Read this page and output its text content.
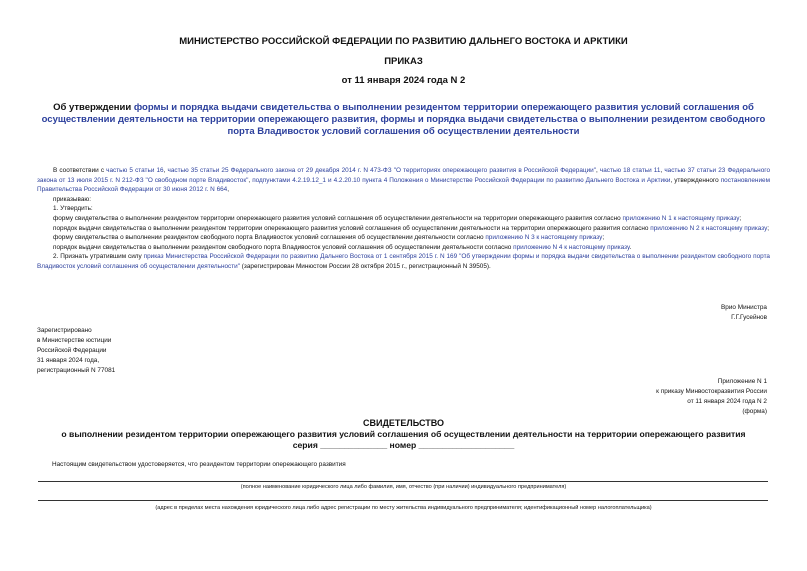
МИНИСТЕРСТВО РОССИЙСКОЙ ФЕДЕРАЦИИ ПО РАЗВИТИЮ ДАЛЬНЕГО ВОСТОКА И АРКТИКИ
ПРИКАЗ
от 11 января 2024 года N 2
Об утверждении формы и порядка выдачи свидетельства о выполнении резидентом территории опережающего развития условий соглашения об осуществлении деятельности на территории опережающего развития, формы и порядка выдачи свидетельства о выполнении резидентом свободного порта Владивосток условий соглашения об осуществлении деятельности

В соответствии с частью 5 статьи 16, частью 35 статьи 25 Федерального закона от 29 декабря 2014 г. N 473-ФЗ "О территориях опережающего развития в Российской Федерации", частью 18 статьи 11, частью 37 статьи 23 Федерального закона от 13 июля 2015 г. N 212-ФЗ "О свободном порте Владивосток", подпунктами 4.2.19.12_1 и 4.2.20.10 пункта 4 Положения о Министерстве Российской Федерации по развитию Дальнего Востока и Арктики, утвержденного постановлением Правительства Российской Федерации от 30 июня 2012 г. N 664,

приказываю:

1. Утвердить:

форму свидетельства о выполнении резидентом территории опережающего развития условий соглашения об осуществлении деятельности на территории опережающего развития согласно приложению N 1 к настоящему приказу;

порядок выдачи свидетельства о выполнении резидентом территории опережающего развития условий соглашения об осуществлении деятельности на территории опережающего развития согласно приложению N 2 к настоящему приказу;

форму свидетельства о выполнении резидентом свободного порта Владивосток условий соглашения об осуществлении деятельности согласно приложению N 3 к настоящему приказу;

порядок выдачи свидетельства о выполнении резидентом свободного порта Владивосток условий соглашения об осуществлении деятельности согласно приложению N 4 к настоящему приказу.

2. Признать утратившим силу приказ Министерства Российской Федерации по развитию Дальнего Востока от 1 сентября 2015 г. N 169 "Об утверждении формы и порядка выдачи свидетельства о выполнении резидентом свободного порта Владивосток условий соглашения об осуществлении деятельности" (зарегистрирован Минюстом России 28 октября 2015 г., регистрационный N 39505).

Врио Министра
Г.Г.Гусейнов
Зарегистрировано
в Министерстве юстиции
Российской Федерации
31 января 2024 года,
регистрационный N 77081
Приложение N 1
к приказу Минвостокразвития России
от 11 января 2024 года N 2
(форма)
СВИДЕТЕЛЬСТВО
о выполнении резидентом территории опережающего развития условий соглашения об осуществлении деятельности на территории опережающего развития
серия ______________ номер ____________________
Настоящим свидетельством удостоверяется, что резидентом территории опережающего развития
(полное наименование юридического лица либо фамилия, имя, отчество (при наличии) индивидуального предпринимателя)
(адрес в пределах места нахождения юридического лица либо адрес регистрации по месту жительства индивидуального предпринимателя; идентификационный номер налогоплательщика)
